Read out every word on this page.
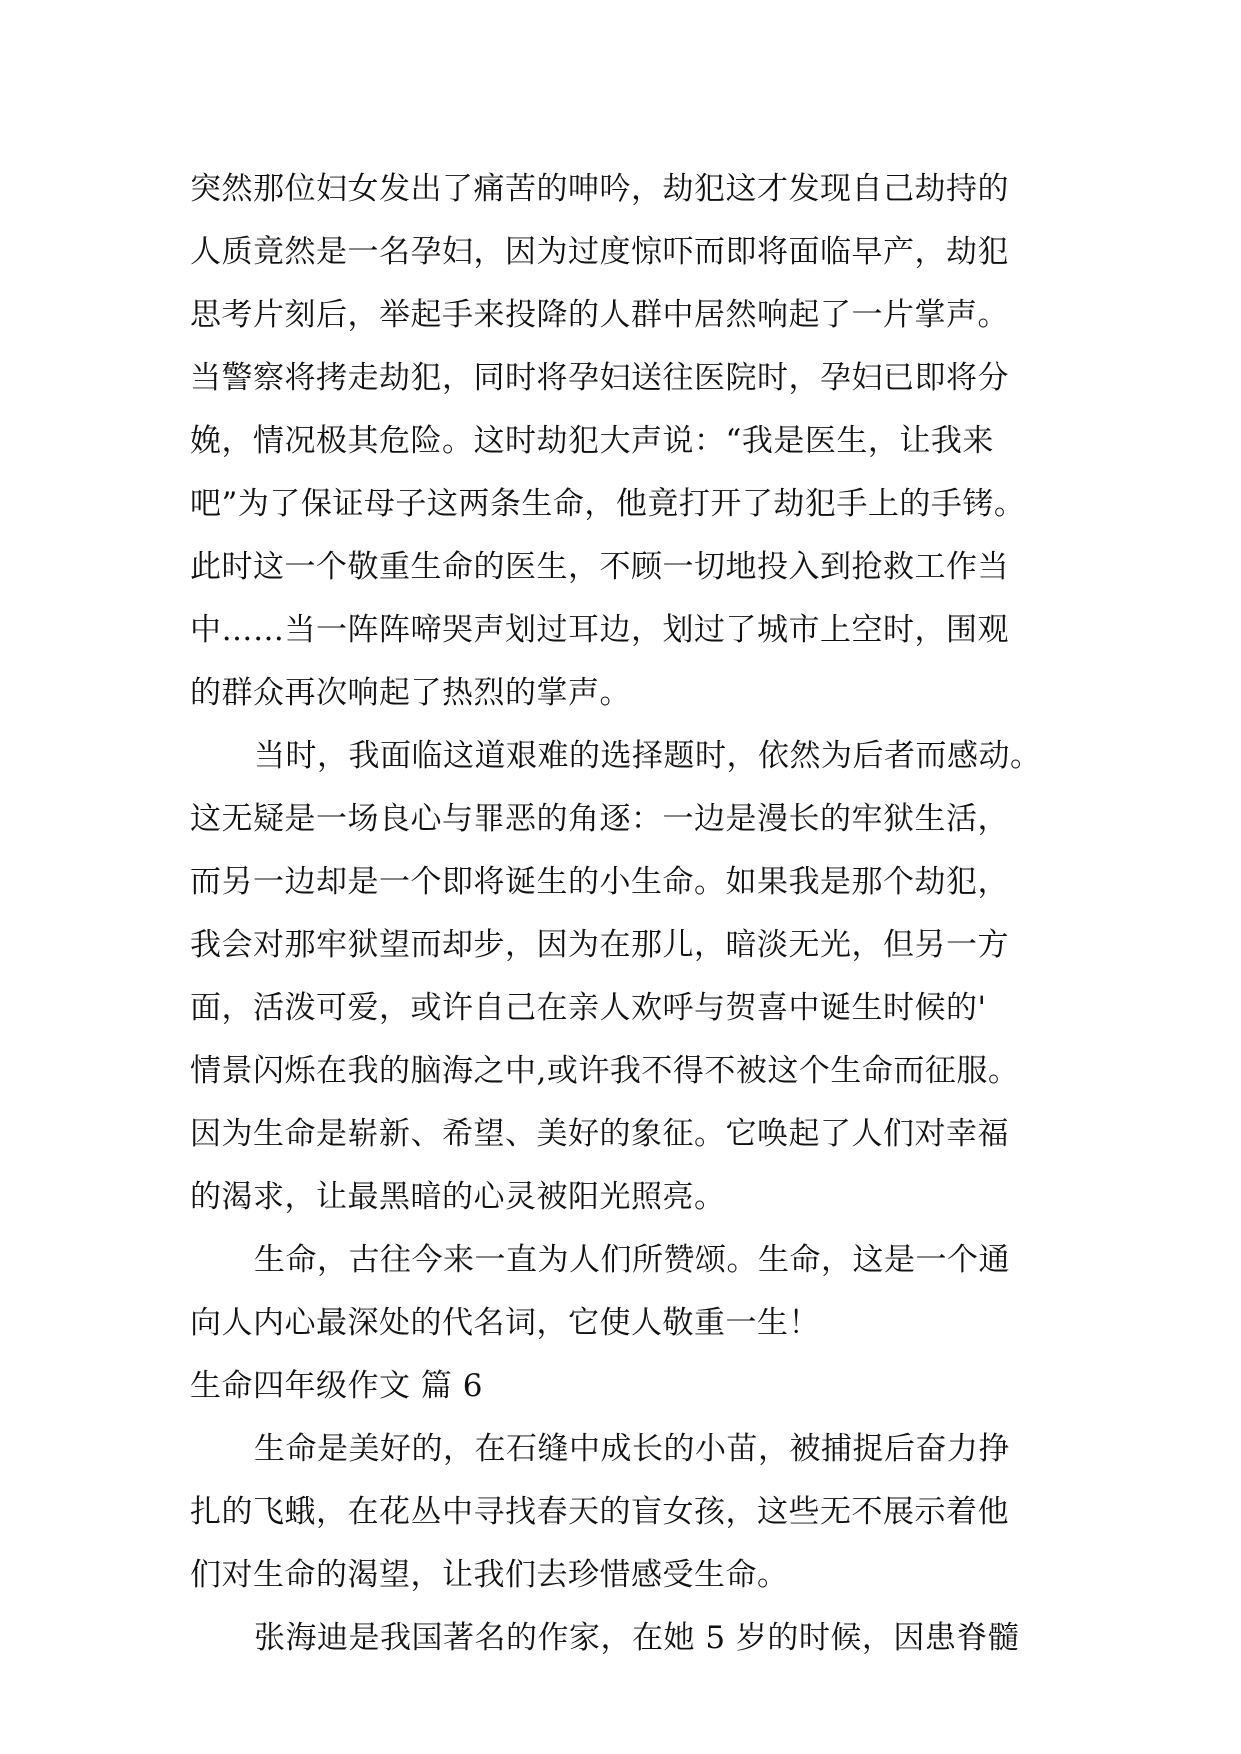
突然那位妇女发出了痛苦的呻吟，劫犯这才发现自己劫持的
人质竟然是一名孕妇，因为过度惊吓而即将面临早产，劫犯
思考片刻后，举起手来投降的人群中居然响起了一片掌声。
当警察将拷走劫犯，同时将孕妇送往医院时，孕妇已即将分
娩，情况极其危险。这时劫犯大声说：“我是医生，让我来
吧”为了保证母子这两条生命，他竟打开了劫犯手上的手铐。
此时这一个敬重生命的医生，不顾一切地投入到抢救工作当
中……当一阵阵啼哭声划过耳边，划过了城市上空时，围观
的群众再次响起了热烈的掌声。
当时，我面临这道艰难的选择题时，依然为后者而感动。
这无疑是一场良心与罪恶的角逐：一边是漫长的牢狱生活，
而另一边却是一个即将诞生的小生命。如果我是那个劫犯，
我会对那牢狱望而却步，因为在那儿，暗淡无光，但另一方
面，活泼可爱，或许自己在亲人欢呼与贺喜中诞生时候的'
情景闪烁在我的脑海之中,或许我不得不被这个生命而征服。
因为生命是崭新、希望、美好的象征。它唤起了人们对幸福
的渴求，让最黑暗的心灵被阳光照亮。
生命，古往今来一直为人们所赞颂。生命，这是一个通
向人内心最深处的代名词，它使人敬重一生！
生命四年级作文 篇 6
生命是美好的，在石缝中成长的小苗，被捕捉后奋力挣
扎的飞蛾，在花丛中寻找春天的盲女孩，这些无不展示着他
们对生命的渴望，让我们去珍惜感受生命。
张海迪是我国著名的作家，在她 5 岁的时候，因患脊髓
